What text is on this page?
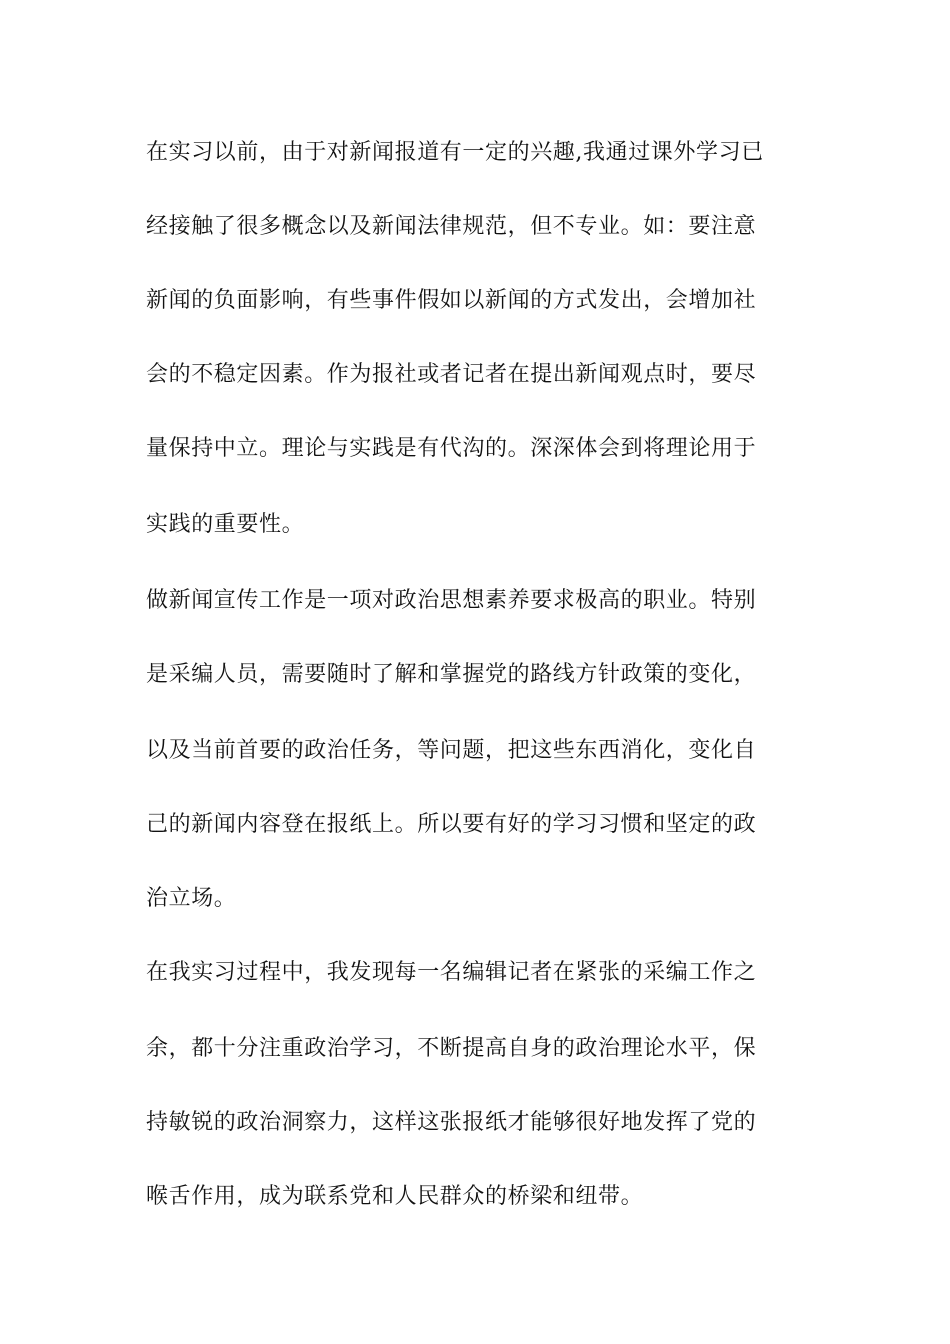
在实习以前，由于对新闻报道有一定的兴趣,我通过课外学习已
经接触了很多概念以及新闻法律规范，但不专业。如：要注意
新闻的负面影响，有些事件假如以新闻的方式发出，会增加社
会的不稳定因素。作为报社或者记者在提出新闻观点时，要尽
量保持中立。理论与实践是有代沟的。深深体会到将理论用于
实践的重要性。
做新闻宣传工作是一项对政治思想素养要求极高的职业。特别
是采编人员，需要随时了解和掌握党的路线方针政策的变化，
以及当前首要的政治任务，等问题，把这些东西消化，变化自
己的新闻内容登在报纸上。所以要有好的学习习惯和坚定的政
治立场。
在我实习过程中，我发现每一名编辑记者在紧张的采编工作之
余，都十分注重政治学习，不断提高自身的政治理论水平，保
持敏锐的政治洞察力，这样这张报纸才能够很好地发挥了党的
喉舌作用，成为联系党和人民群众的桥梁和纽带。
